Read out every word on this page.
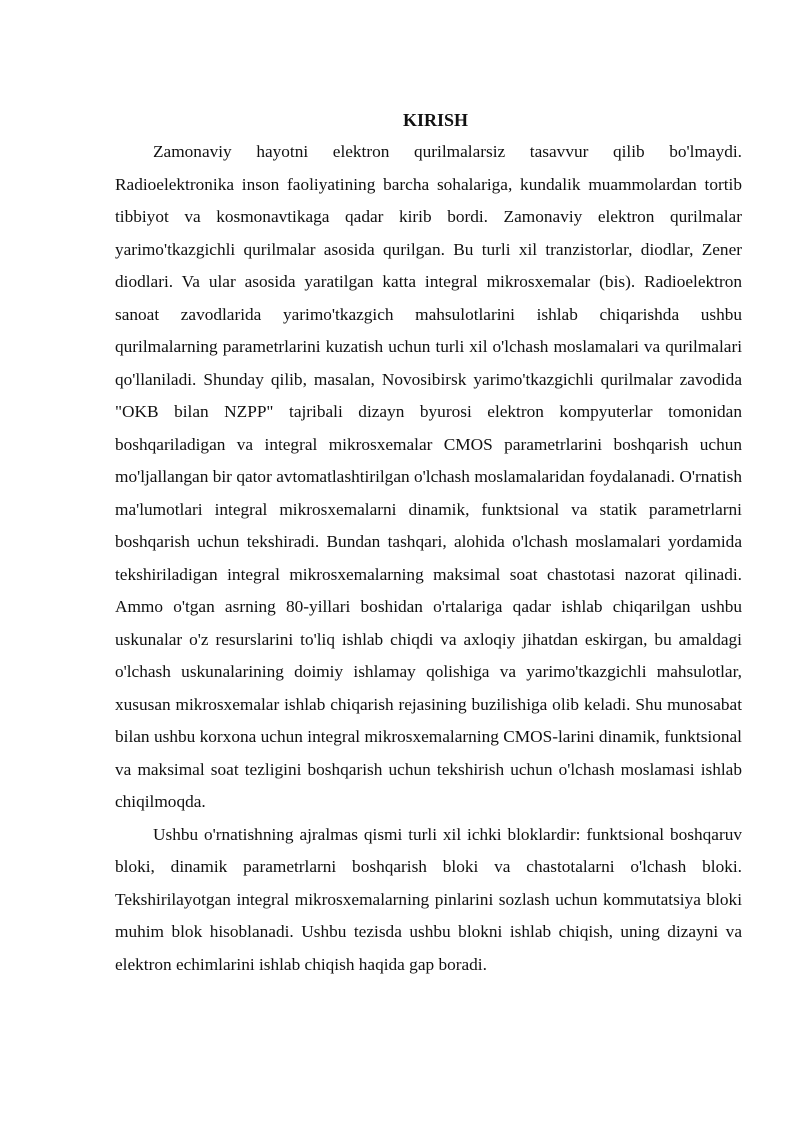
KIRISH

Zamonaviy hayotni elektron qurilmalarsiz tasavvur qilib bo'lmaydi. Radioelektronika inson faoliyatining barcha sohalariga, kundalik muammolardan tortib tibbiyot va kosmonavtikaga qadar kirib bordi. Zamonaviy elektron qurilmalar yarimo'tkazgichli qurilmalar asosida qurilgan. Bu turli xil tranzistorlar, diodlar, Zener diodlari. Va ular asosida yaratilgan katta integral mikrosxemalar (bis). Radioelektron sanoat zavodlarida yarimo'tkazgich mahsulotlarini ishlab chiqarishda ushbu qurilmalarning parametrlarini kuzatish uchun turli xil o'lchash moslamalari va qurilmalari qo'llaniladi. Shunday qilib, masalan, Novosibirsk yarimo'tkazgichli qurilmalar zavodida "OKB bilan NZPP" tajribali dizayn byurosi elektron kompyuterlar tomonidan boshqariladigan va integral mikrosxemalar CMOS parametrlarini boshqarish uchun mo'ljallangan bir qator avtomatlashtirilgan o'lchash moslamalaridan foydalanadi. O'rnatish ma'lumotlari integral mikrosxemalarni dinamik, funktsional va statik parametrlarni boshqarish uchun tekshiradi. Bundan tashqari, alohida o'lchash moslamalari yordamida tekshiriladigan integral mikrosxemalarning maksimal soat chastotasi nazorat qilinadi. Ammo o'tgan asrning 80-yillari boshidan o'rtalariga qadar ishlab chiqarilgan ushbu uskunalar o'z resurslarini to'liq ishlab chiqdi va axloqiy jihatdan eskirgan, bu amaldagi o'lchash uskunalarining doimiy ishlamay qolishiga va yarimo'tkazgichli mahsulotlar, xususan mikrosxemalar ishlab chiqarish rejasining buzilishiga olib keladi. Shu munosabat bilan ushbu korxona uchun integral mikrosxemalarning CMOS-larini dinamik, funktsional va maksimal soat tezligini boshqarish uchun tekshirish uchun o'lchash moslamasi ishlab chiqilmoqda.

Ushbu o'rnatishning ajralmas qismi turli xil ichki bloklardir: funktsional boshqaruv bloki, dinamik parametrlarni boshqarish bloki va chastotalarni o'lchash bloki. Tekshirilayotgan integral mikrosxemalarning pinlarini sozlash uchun kommutatsiya bloki muhim blok hisoblanadi. Ushbu tezisda ushbu blokni ishlab chiqish, uning dizayni va elektron echimlarini ishlab chiqish haqida gap boradi.
